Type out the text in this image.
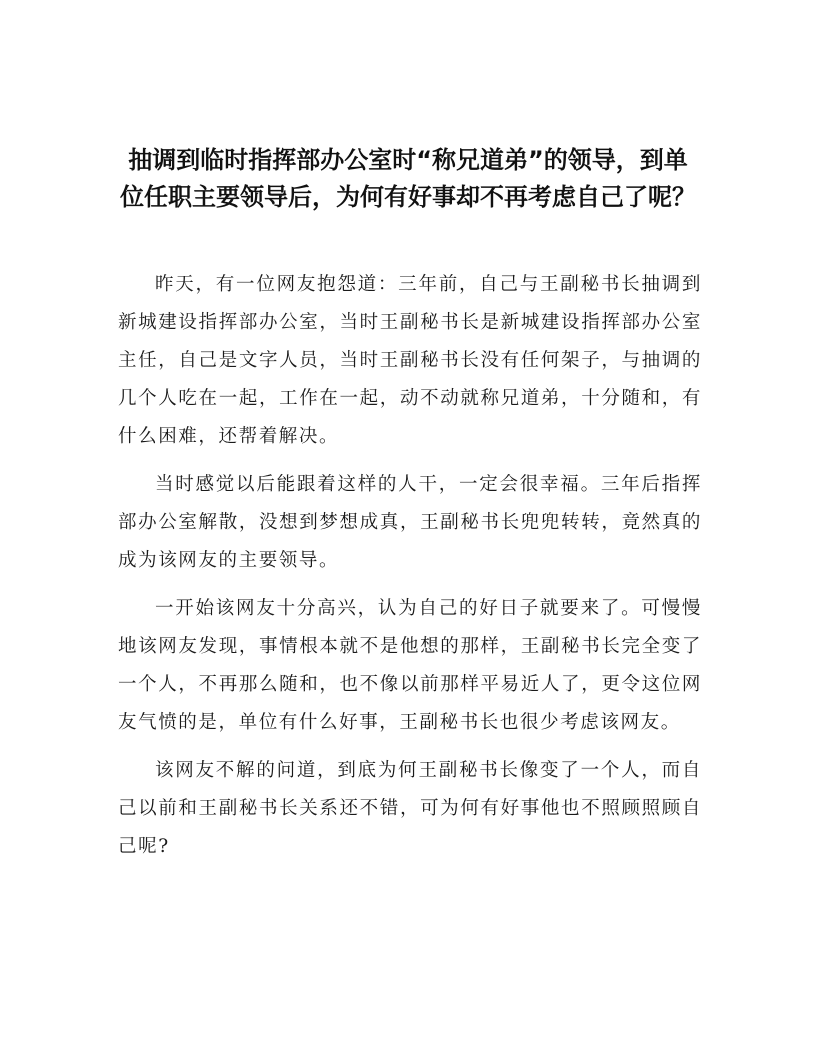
抽调到临时指挥部办公室时“称兄道弟”的领导，到单位任职主要领导后，为何有好事却不再考虑自己了呢？

昨天，有一位网友抱怨道：三年前，自己与王副秘书长抽调到新城建设指挥部办公室，当时王副秘书长是新城建设指挥部办公室主任，自己是文字人员，当时王副秘书长没有任何架子，与抽调的几个人吃在一起，工作在一起，动不动就称兄道弟，十分随和，有什么困难，还帮着解决。

当时感觉以后能跟着这样的人干，一定会很幸福。三年后指挥部办公室解散，没想到梦想成真，王副秘书长兜兜转转，竟然真的成为该网友的主要领导。

一开始该网友十分高兴，认为自己的好日子就要来了。可慢慢地该网友发现，事情根本就不是他想的那样，王副秘书长完全变了一个人，不再那么随和，也不像以前那样平易近人了，更令这位网友气愤的是，单位有什么好事，王副秘书长也很少考虑该网友。

该网友不解的问道，到底为何王副秘书长像变了一个人，而自己以前和王副秘书长关系还不错，可为何有好事他也不照顾照顾自己呢?
